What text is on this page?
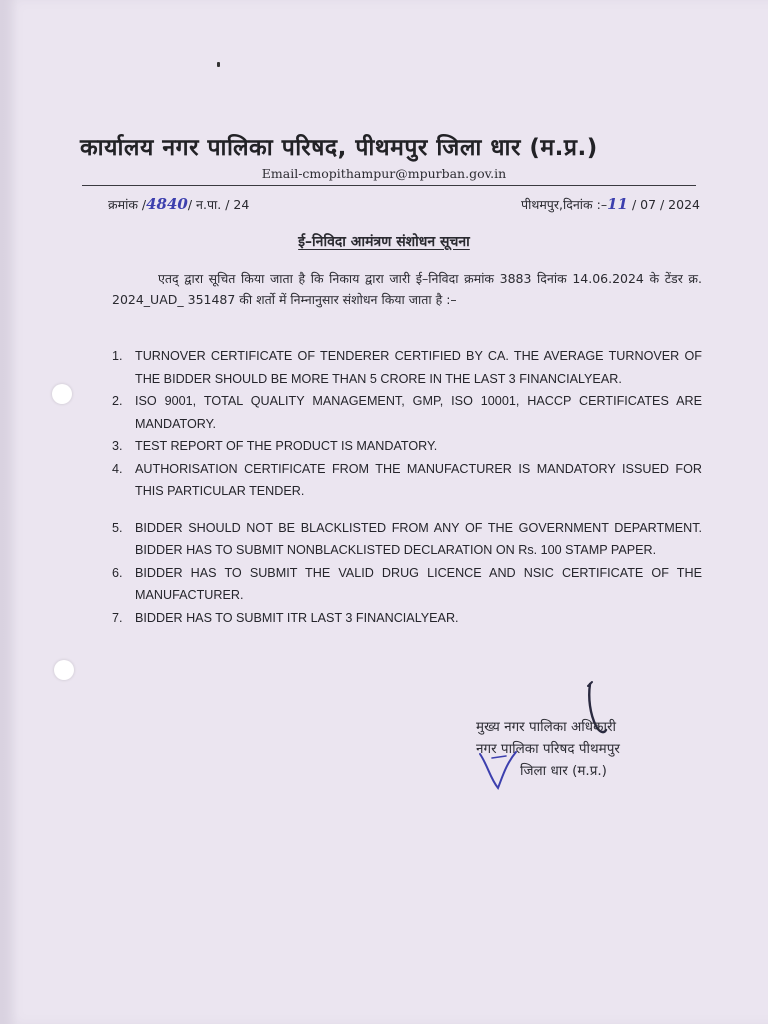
कार्यालय नगर पालिका परिषद, पीथमपुर जिला धार (म.प्र.)
Email-cmopithampur@mpurban.gov.in
क्रमांक /4840/ न.पा. / 24	पीथमपुर,दिनांक :–11 / 07 / 2024
ई–निविदा आमंत्रण संशोधन सूचना

एतद् द्वारा सूचित किया जाता है कि निकाय द्वारा जारी ई–निविदा क्रमांक 3883 दिनांक 14.06.2024 के टेंडर क्र. 2024_UAD_ 351487 की शर्तो में निम्नानुसार संशोधन किया जाता है :–

1. TURNOVER CERTIFICATE OF TENDERER CERTIFIED BY CA. THE AVERAGE TURNOVER OF THE BIDDER SHOULD BE MORE THAN 5 CRORE IN THE LAST 3 FINANCIALYEAR.
2. ISO 9001, TOTAL QUALITY MANAGEMENT, GMP, ISO 10001, HACCP CERTIFICATES ARE MANDATORY.
3. TEST REPORT OF THE PRODUCT IS MANDATORY.
4. AUTHORISATION CERTIFICATE FROM THE MANUFACTURER IS MANDATORY ISSUED FOR THIS PARTICULAR TENDER.
5. BIDDER SHOULD NOT BE BLACKLISTED FROM ANY OF THE GOVERNMENT DEPARTMENT. BIDDER HAS TO SUBMIT NONBLACKLISTED DECLARATION ON Rs. 100 STAMP PAPER.
6. BIDDER HAS TO SUBMIT THE VALID DRUG LICENCE AND NSIC CERTIFICATE OF THE MANUFACTURER.
7. BIDDER HAS TO SUBMIT ITR LAST 3 FINANCIALYEAR.
मुख्य नगर पालिका अधिकारी
नगर पालिका परिषद पीथमपुर
जिला धार (म.प्र.)
